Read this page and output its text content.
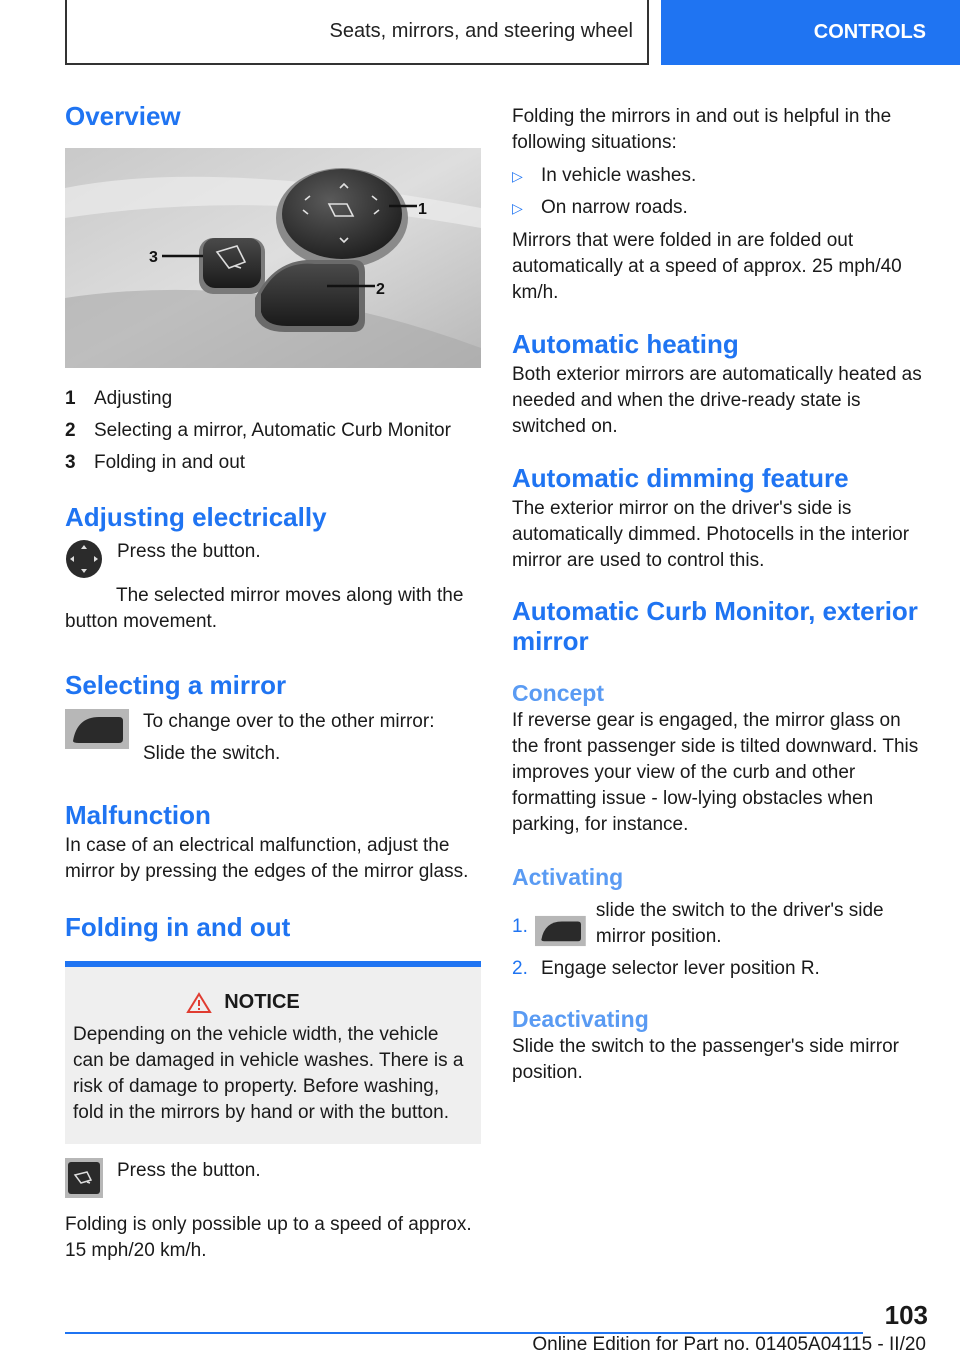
Seats, mirrors, and steering wheel	CONTROLS
Overview
1
2
3
1 Adjusting
2 Selecting a mirror, Automatic Curb Monitor
3 Folding in and out
Adjusting electrically

Press the button.

The selected mirror moves along with the button movement.

Selecting a mirror

To change over to the other mirror:

Slide the switch.

Malfunction

In case of an electrical malfunction, adjust the mirror by pressing the edges of the mirror glass.

Folding in and out
NOTICE

Depending on the vehicle width, the vehicle can be damaged in vehicle washes. There is a risk of damage to property. Before washing, fold in the mirrors by hand or with the button.

Press the button.

Folding is only possible up to a speed of approx. 15 mph/20 km/h.

Folding the mirrors in and out is helpful in the following situations:

▷ In vehicle washes.
▷ On narrow roads.

Mirrors that were folded in are folded out automatically at a speed of approx. 25 mph/40 km/h.

Automatic heating

Both exterior mirrors are automatically heated as needed and when the drive-ready state is switched on.

Automatic dimming feature

The exterior mirror on the driver's side is automatically dimmed. Photocells in the interior mirror are used to control this.

Automatic Curb Monitor, exterior mirror
Concept

If reverse gear is engaged, the mirror glass on the front passenger side is tilted downward. This improves your view of the curb and other formatting issue - low-lying obstacles when parking, for instance.

Activating
1.
slide the switch to the driver's side mirror position.
2. Engage selector lever position R.
Deactivating

Slide the switch to the passenger's side mirror position.

103
Online Edition for Part no. 01405A04115 - II/20
